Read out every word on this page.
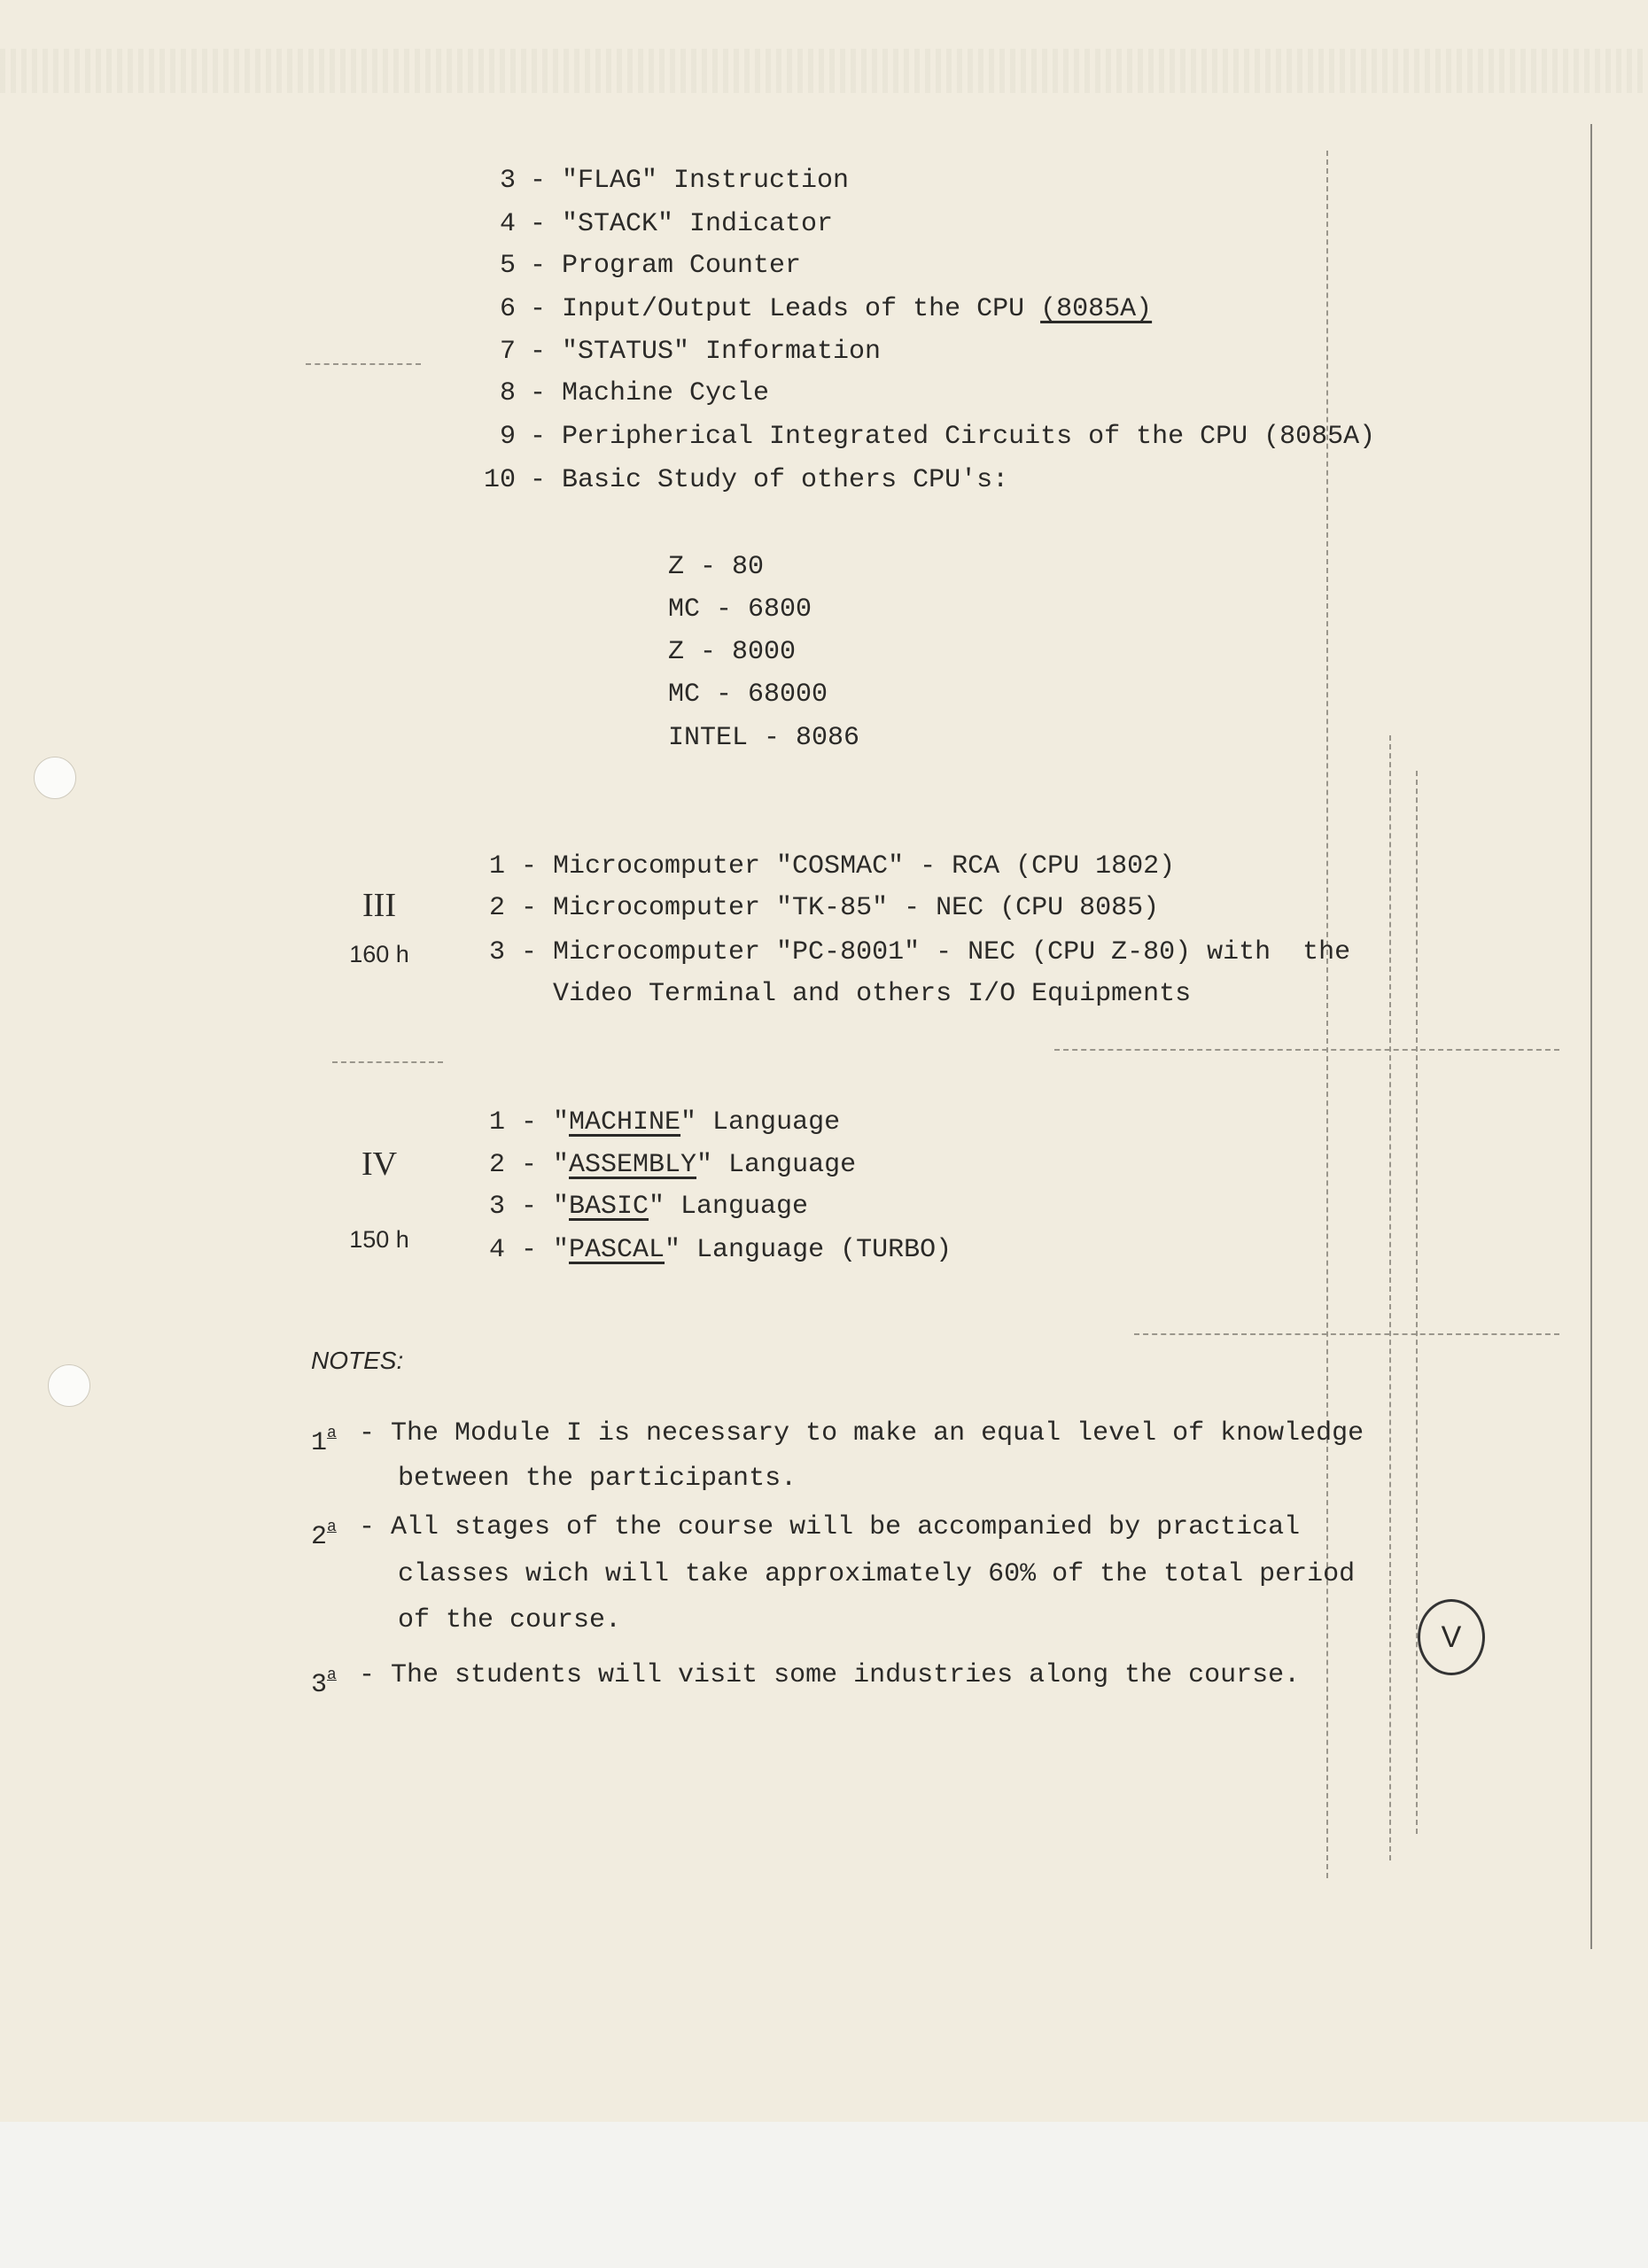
3 - "FLAG" Instruction
4 - "STACK" Indicator
5 - Program Counter
6 - Input/Output Leads of the CPU (8085A)
7 - "STATUS" Information
8 - Machine Cycle
9 - Peripherical Integrated Circuits of the CPU (8085A)
10 - Basic Study of others CPU's:
Z - 80
MC - 6800
Z - 8000
MC - 68000
INTEL - 8086
III
160 h
1 - Microcomputer "COSMAC" - RCA (CPU 1802)
2 - Microcomputer "TK-85" - NEC (CPU 8085)
3 - Microcomputer "PC-8001" - NEC (CPU Z-80) with  the
Video Terminal and others I/O Equipments
IV
150 h
1 - "MACHINE" Language
2 - "ASSEMBLY" Language
3 - "BASIC" Language
4 - "PASCAL" Language (TURBO)
NOTES:
1$^a$ - The Module I is necessary to make an equal level of knowledge
between the participants.
2$^a$ - All stages of the course will be accompanied by practical
classes wich will take approximately 60% of the total period
of the course.
3$^a$ - The students will visit some industries along the course.
V
